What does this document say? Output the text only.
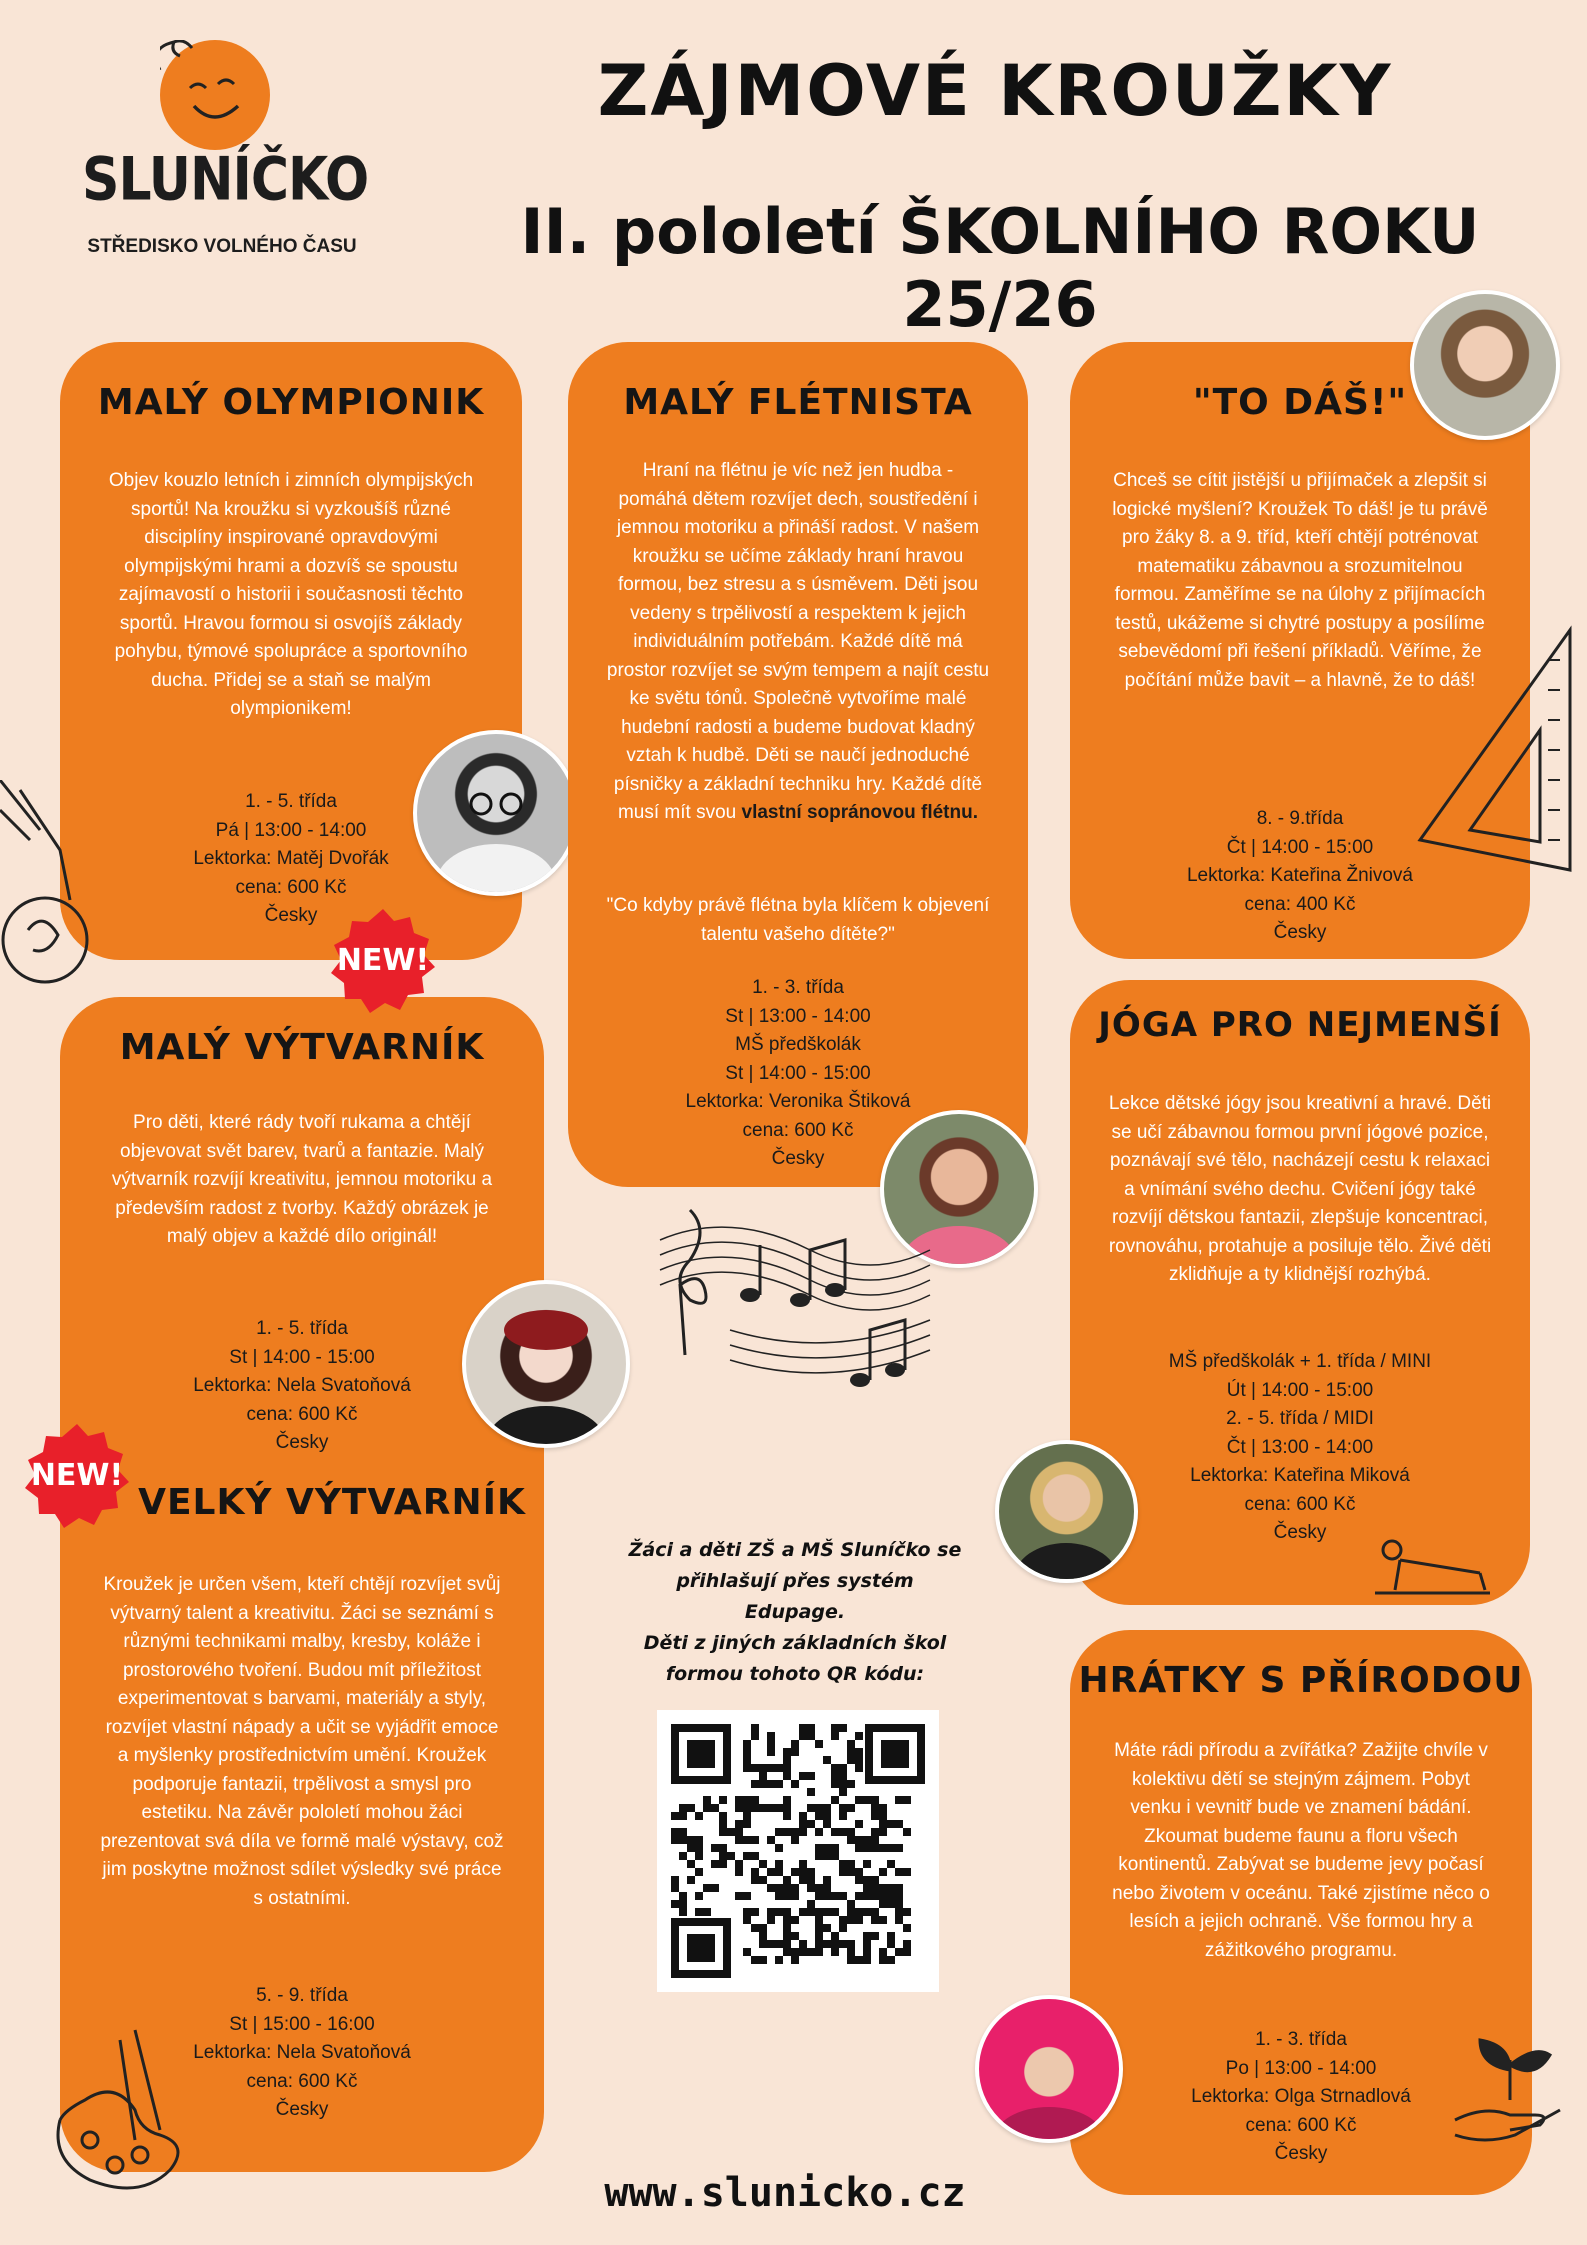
SLUNÍČKO
STŘEDISKO VOLNÉHO ČASU
ZÁJMOVÉ KROUŽKY
II. pololetí ŠKOLNÍHO ROKU 25/26
MALÝ OLYMPIONIK
Objev kouzlo letních i zimních olympijských sportů! Na kroužku si vyzkoušíš různé disciplíny inspirované opravdovými olympijskými hrami a dozvíš se spoustu zajímavostí o historii i současnosti těchto sportů. Hravou formou si osvojíš základy pohybu, týmové spolupráce a sportovního ducha. Přidej se a staň se malým olympionikem!
1. - 5. třída
Pá | 13:00 - 14:00
Lektorka: Matěj Dvořák
cena: 600 Kč
Česky
MALÝ FLÉTNISTA
Hraní na flétnu je víc než jen hudba - pomáhá dětem rozvíjet dech, soustředění i jemnou motoriku a přináší radost. V našem kroužku se učíme základy hraní hravou formou, bez stresu a s úsměvem. Děti jsou vedeny s trpělivostí a respektem k jejich individuálním potřebám. Každé dítě má prostor rozvíjet se svým tempem a najít cestu ke světu tónů. Společně vytvoříme malé hudební radosti a budeme budovat kladný vztah k hudbě. Děti se naučí jednoduché písničky a základní techniku hry. Každé dítě musí mít svou vlastní sopránovou flétnu.
"Co kdyby právě flétna byla klíčem k objevení talentu vašeho dítěte?"
1. - 3. třída
St | 13:00 - 14:00
MŠ předškolák
St | 14:00 - 15:00
Lektorka: Veronika Štiková
cena: 600 Kč
Česky
"TO DÁŠ!"
Chceš se cítit jistější u přijímaček a zlepšit si logické myšlení? Kroužek To dáš! je tu právě pro žáky 8. a 9. tříd, kteří chtějí potrénovat matematiku zábavnou a srozumitelnou formou. Zaměříme se na úlohy z přijímacích testů, ukážeme si chytré postupy a posílíme sebevědomí při řešení příkladů. Věříme, že počítání může bavit – a hlavně, že to dáš!
8. - 9.třída
Čt | 14:00 - 15:00
Lektorka: Kateřina Žnivová
cena: 400 Kč
Česky
MALÝ VÝTVARNÍK
Pro děti, které rády tvoří rukama a chtějí objevovat svět barev, tvarů a fantazie. Malý výtvarník rozvíjí kreativitu, jemnou motoriku a především radost z tvorby. Každý obrázek je malý objev a každé dílo originál!
1. - 5. třída
St | 14:00 - 15:00
Lektorka: Nela Svatoňová
cena: 600 Kč
Česky
VELKÝ VÝTVARNÍK
Kroužek je určen všem, kteří chtějí rozvíjet svůj výtvarný talent a kreativitu. Žáci se seznámí s různými technikami malby, kresby, koláže i prostorového tvoření. Budou mít příležitost experimentovat s barvami, materiály a styly, rozvíjet vlastní nápady a učit se vyjádřit emoce a myšlenky prostřednictvím umění. Kroužek podporuje fantazii, trpělivost a smysl pro estetiku. Na závěr pololetí mohou žáci prezentovat svá díla ve formě malé výstavy, což jim poskytne možnost sdílet výsledky své práce s ostatními.
5. - 9. třída
St | 15:00 - 16:00
Lektorka: Nela Svatoňová
cena: 600 Kč
Česky
JÓGA PRO NEJMENŠÍ
Lekce dětské jógy jsou kreativní a hravé. Děti se učí zábavnou formou první jógové pozice, poznávají své tělo, nacházejí cestu k relaxaci a vnímání svého dechu. Cvičení jógy také rozvíjí dětskou fantazii, zlepšuje koncentraci, rovnováhu, protahuje a posiluje tělo. Živé děti zklidňuje a ty klidnější rozhýbá.
MŠ předškolák + 1. třída / MINI
Út | 14:00 - 15:00
2. - 5. třída / MIDI
Čt | 13:00 - 14:00
Lektorka: Kateřina Miková
cena: 600 Kč
Česky
HRÁTKY S PŘÍRODOU
Máte rádi přírodu a zvířátka? Zažijte chvíle v kolektivu dětí se stejným zájmem. Pobyt venku i vevnitř bude ve znamení bádání. Zkoumat budeme faunu a floru všech kontinentů. Zabývat se budeme jevy počasí nebo životem v oceánu. Také zjistíme něco o lesích a jejich ochraně. Vše formou hry a zážitkového programu.
1. - 3. třída
Po | 13:00 - 14:00
Lektorka: Olga Strnadlová
cena: 600 Kč
Česky
NEW!
NEW!
Žáci a děti ZŠ a MŠ Sluníčko se
přihlašují přes systém Edupage.
Děti z jiných základních škol
formou tohoto QR kódu:
www.slunicko.cz
